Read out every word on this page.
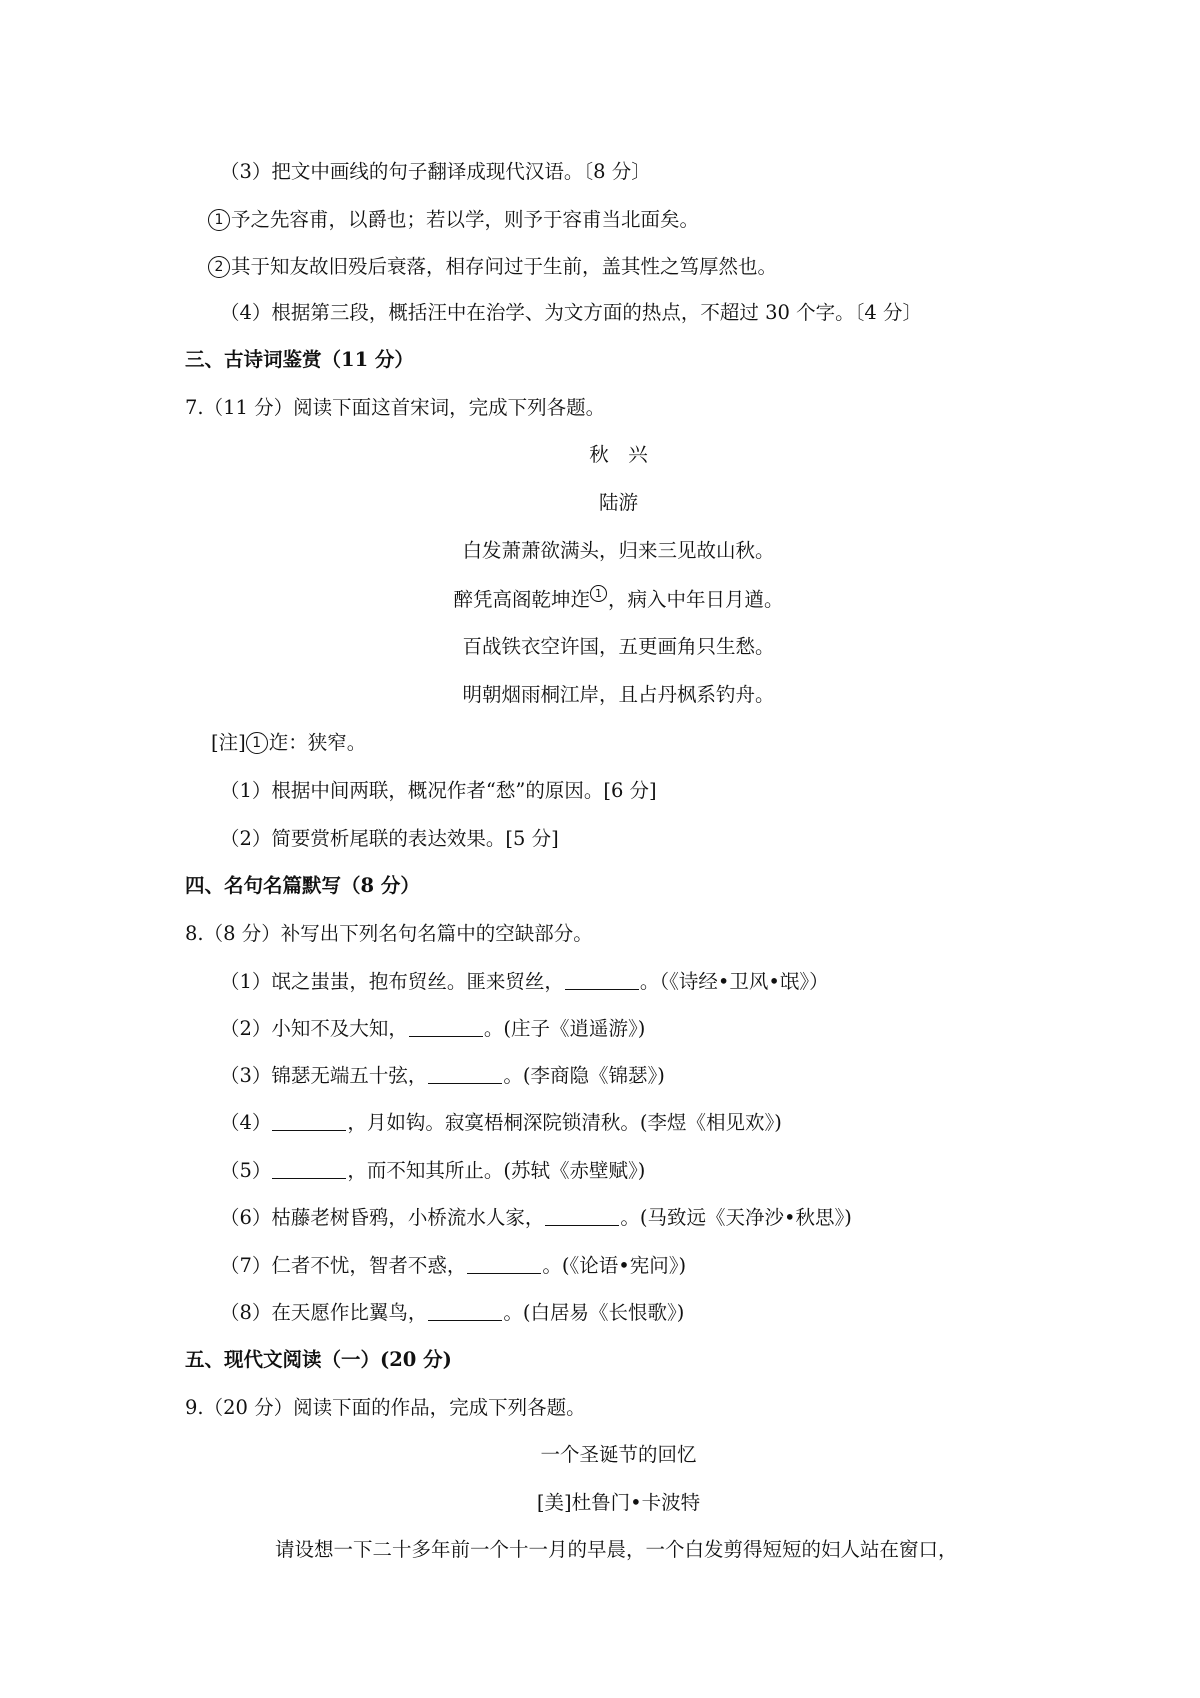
（3）把文中画线的句子翻译成现代汉语。〔8 分〕
1 予之先容甫，以爵也；若以学，则予于容甫当北面矣。
2 其于知友故旧殁后衰落，相存问过于生前，盖其性之笃厚然也。
（4）根据第三段，概括汪中在治学、为文方面的热点，不超过 30 个字。〔4 分〕
三、古诗词鉴赏（11 分）
7.（11 分）阅读下面这首宋词，完成下列各题。
秋　兴
陆游
白发萧萧欲满头，归来三见故山秋。
醉凭高阁乾坤迮 1 ，病入中年日月遒。
百战铁衣空许国，五更画角只生愁。
明朝烟雨桐江岸，且占丹枫系钓舟。
[注] 1 迮：狭窄。
（1）根据中间两联，概况作者“愁”的原因。[6 分]
（2）简要赏析尾联的表达效果。[5 分]
四、名句名篇默写（8 分）
8.（8 分）补写出下列名句名篇中的空缺部分。
（1）氓之蚩蚩，抱布贸丝。匪来贸丝，	。（《诗经•卫风•氓》）
（2）小知不及大知，	。(庄子《逍遥游》)
（3）锦瑟无端五十弦，	。(李商隐《锦瑟》)
（4）	，月如钩。寂寞梧桐深院锁清秋。(李煜《相见欢》)
（5）	，而不知其所止。(苏轼《赤壁赋》)
（6）枯藤老树昏鸦，小桥流水人家，	。(马致远《天净沙•秋思》)
（7）仁者不忧，智者不惑，	。(《论语•宪问》)
（8）在天愿作比翼鸟，	。(白居易《长恨歌》)
五、现代文阅读（一）(20 分)
9.（20 分）阅读下面的作品，完成下列各题。
一个圣诞节的回忆
[美]杜鲁门•卡波特
请设想一下二十多年前一个十一月的早晨，一个白发剪得短短的妇人站在窗口，
